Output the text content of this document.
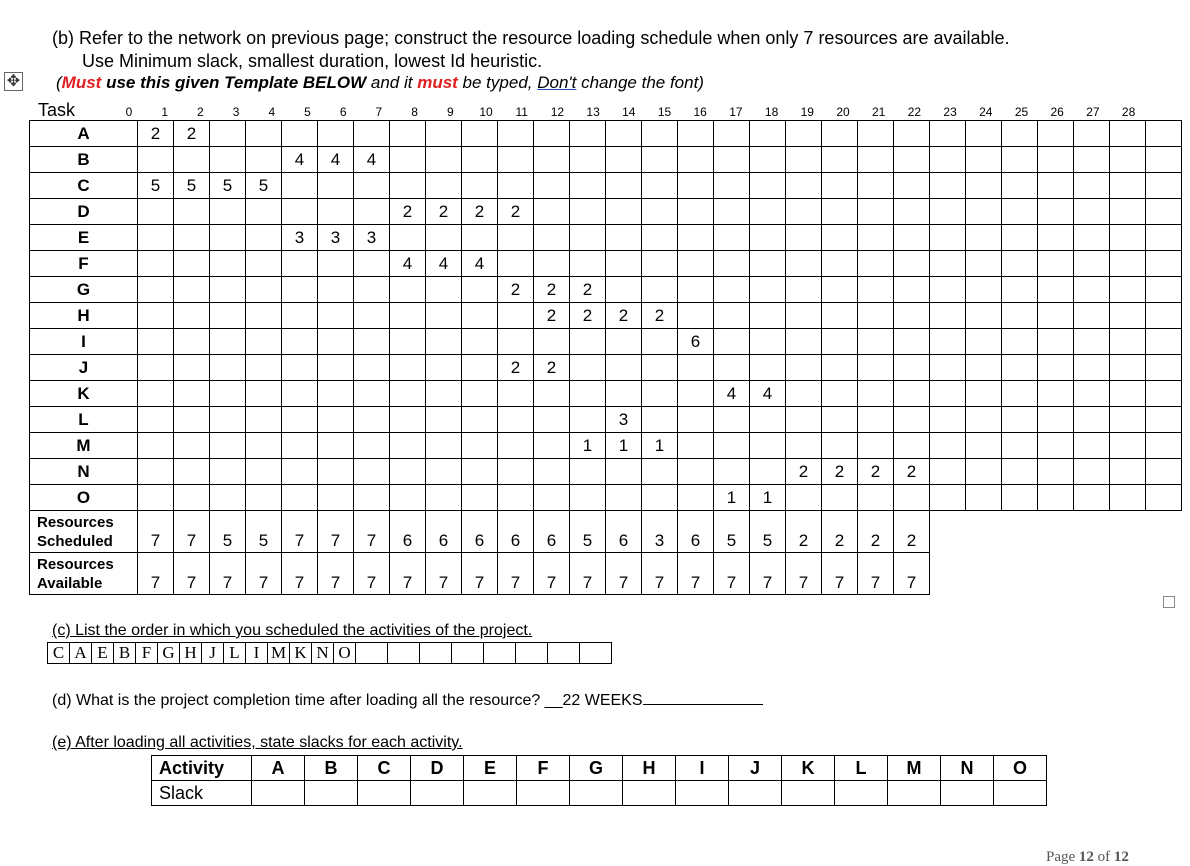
✥
(b) Refer to the network on previous page; construct the resource loading schedule when only 7 resources are available.
Use Minimum slack, smallest duration, lowest Id heuristic.
(Must use this given Template BELOW and it must be typed, Don't change the font)
Task	0	1	2	3	4	5	6	7	8	9	10	11	12	13	14	15	16	17	18	19	20	21	22	23	24	25	26	27	28
A	2	2																											
B					4	4	4																						
C	5	5	5	5																									
D								2	2	2	2																		
E					3	3	3																						
F								4	4	4																			
G											2	2	2																
H												2	2	2	2														
I																6													
J											2	2																	
K																	4	4											
L														3															
M													1	1	1														
N																			2	2	2	2							
O																	1	1											
Resources
Scheduled	7	7	5	5	7	7	7	6	6	6	6	6	5	6	3	6	5	5	2	2	2	2							
Resources
Available	7	7	7	7	7	7	7	7	7	7	7	7	7	7	7	7	7	7	7	7	7	7							
(c) List the order in which you scheduled the activities of the project.
C	A	E	B	F	G	H	J	L	I	M	K	N	O								
(d) What is the project completion time after loading all the resource? __22 WEEKS
(e) After loading all activities, state slacks for each activity.
Activity	A	B	C	D	E	F	G	H	I	J	K	L	M	N	O
Slack															
Page 12 of 12
